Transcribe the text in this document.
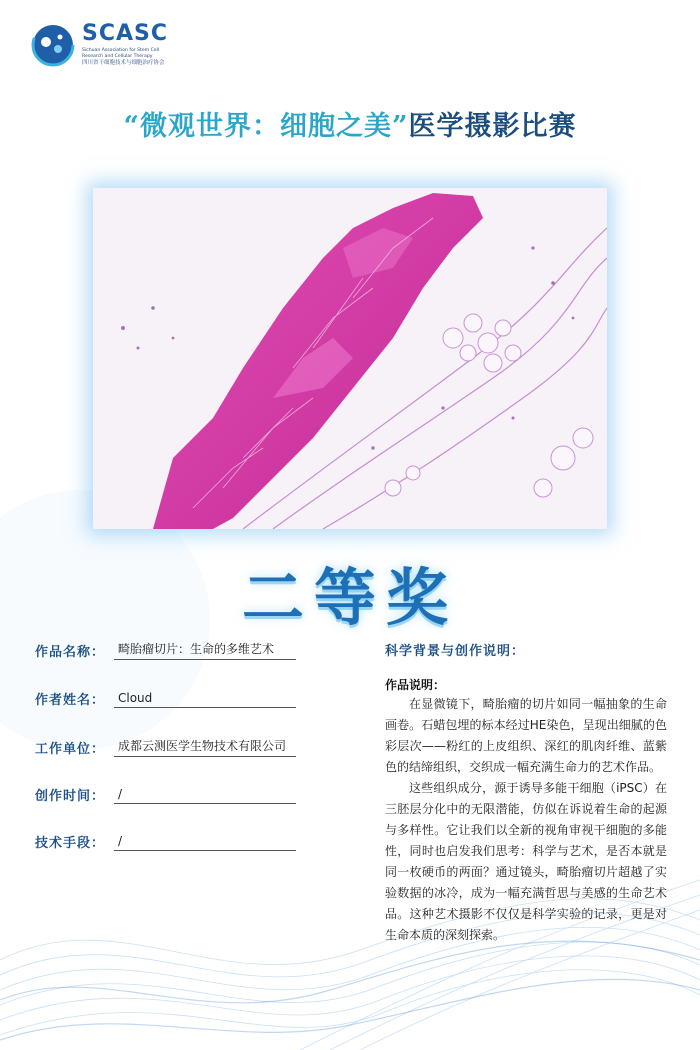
SCASC
Sichuan Association for Stem Cell Research and Cellular Therapy
四川省干细胞技术与细胞治疗协会
“微观世界：细胞之美”医学摄影比赛
二等奖
作品名称：	畸胎瘤切片：生命的多维艺术
作者姓名：	Cloud
工作单位：	成都云测医学生物技术有限公司
创作时间：	/
技术手段：	/
科学背景与创作说明：
作品说明：

在显微镜下，畸胎瘤的切片如同一幅抽象的生命画卷。石蜡包埋的标本经过HE染色，呈现出细腻的色彩层次——粉红的上皮组织、深红的肌肉纤维、蓝紫色的结缔组织，交织成一幅充满生命力的艺术作品。

这些组织成分，源于诱导多能干细胞（iPSC）在三胚层分化中的无限潜能，仿似在诉说着生命的起源与多样性。它让我们以全新的视角审视干细胞的多能性，同时也启发我们思考：科学与艺术，是否本就是同一枚硬币的两面？通过镜头，畸胎瘤切片超越了实验数据的冰冷，成为一幅充满哲思与美感的生命艺术品。这种艺术摄影不仅仅是科学实验的记录，更是对生命本质的深刻探索。
